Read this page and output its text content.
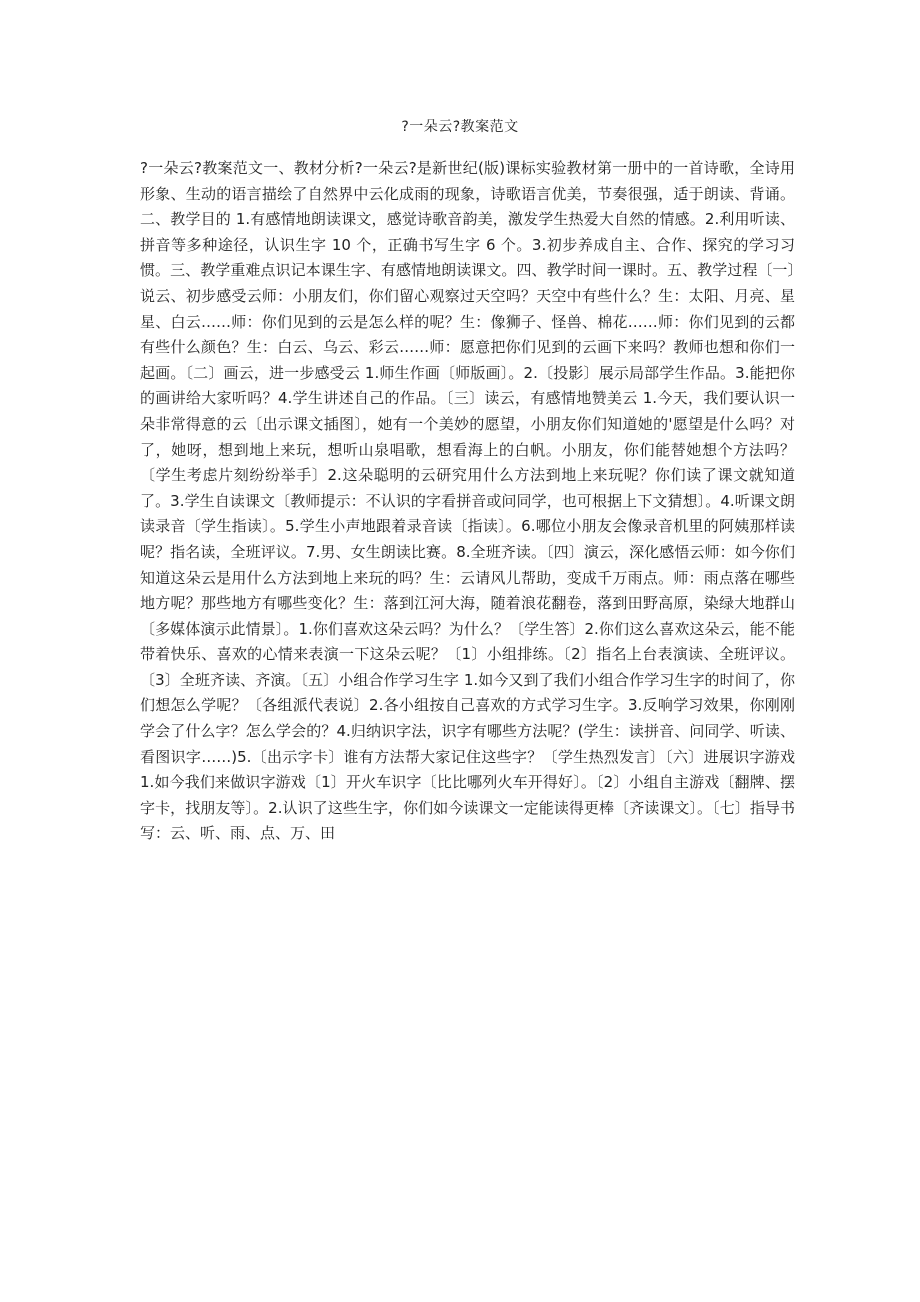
?一朵云?教案范文
?一朵云?教案范文一、教材分析?一朵云?是新世纪(版)课标实验教材第一册中的一首诗歌，全诗用形象、生动的语言描绘了自然界中云化成雨的现象，诗歌语言优美，节奏很强，适于朗读、背诵。二、教学目的 1.有感情地朗读课文，感觉诗歌音韵美，激发学生热爱大自然的情感。2.利用听读、拼音等多种途径，认识生字 10 个，正确书写生字 6 个。3.初步养成自主、合作、探究的学习习惯。三、教学重难点识记本课生字、有感情地朗读课文。四、教学时间一课时。五、教学过程〔一〕说云、初步感受云师：小朋友们，你们留心观察过天空吗？天空中有些什么？生：太阳、月亮、星星、白云……师：你们见到的云是怎么样的呢？生：像狮子、怪兽、棉花……师：你们见到的云都有些什么颜色？生：白云、乌云、彩云……师：愿意把你们见到的云画下来吗？教师也想和你们一起画。〔二〕画云，进一步感受云 1.师生作画〔师版画〕。2.〔投影〕展示局部学生作品。3.能把你的画讲给大家听吗？4.学生讲述自己的作品。〔三〕读云，有感情地赞美云 1.今天，我们要认识一朵非常得意的云〔出示课文插图〕，她有一个美妙的愿望，小朋友你们知道她的'愿望是什么吗？对了，她呀，想到地上来玩，想听山泉唱歌，想看海上的白帆。小朋友，你们能替她想个方法吗？〔学生考虑片刻纷纷举手〕2.这朵聪明的云研究用什么方法到地上来玩呢？你们读了课文就知道了。3.学生自读课文〔教师提示：不认识的字看拼音或问同学，也可根据上下文猜想〕。4.听课文朗读录音〔学生指读〕。5.学生小声地跟着录音读〔指读〕。6.哪位小朋友会像录音机里的阿姨那样读呢？指名读，全班评议。7.男、女生朗读比赛。8.全班齐读。〔四〕演云，深化感悟云师：如今你们知道这朵云是用什么方法到地上来玩的吗？生：云请风儿帮助，变成千万雨点。师：雨点落在哪些地方呢？那些地方有哪些变化？生：落到江河大海，随着浪花翻卷，落到田野高原，染绿大地群山〔多媒体演示此情景〕。1.你们喜欢这朵云吗？为什么？〔学生答〕2.你们这么喜欢这朵云，能不能带着快乐、喜欢的心情来表演一下这朵云呢？〔1〕小组排练。〔2〕指名上台表演读、全班评议。〔3〕全班齐读、齐演。〔五〕小组合作学习生字 1.如今又到了我们小组合作学习生字的时间了，你们想怎么学呢？〔各组派代表说〕2.各小组按自己喜欢的方式学习生字。3.反响学习效果，你刚刚学会了什么字？怎么学会的？4.归纳识字法，识字有哪些方法呢？(学生：读拼音、问同学、听读、看图识字……)5.〔出示字卡〕谁有方法帮大家记住这些字？〔学生热烈发言〕〔六〕进展识字游戏 1.如今我们来做识字游戏〔1〕开火车识字〔比比哪列火车开得好〕。〔2〕小组自主游戏〔翻牌、摆字卡，找朋友等〕。2.认识了这些生字，你们如今读课文一定能读得更棒〔齐读课文〕。〔七〕指导书写：云、听、雨、点、万、田
